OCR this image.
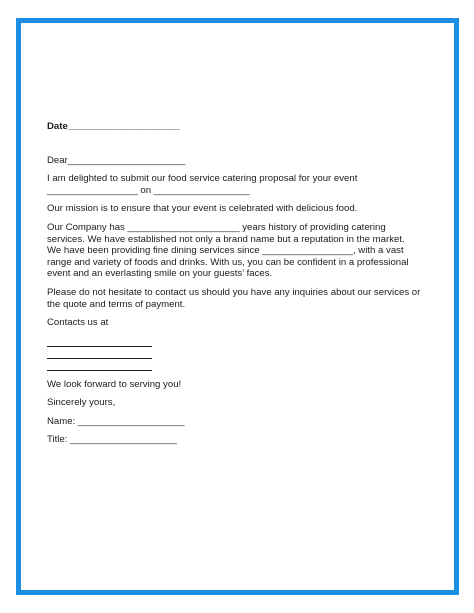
Date_____________________
Dear______________________
I am delighted to submit our food service catering proposal for your event
_________________ on __________________
Our mission is to ensure that your event is celebrated with delicious food.
Our Company has _____________________ years history of providing catering
services. We have established not only a brand name but a reputation in the market.
We have been providing fine dining services since _________________, with a vast
range and variety of foods and drinks. With us, you can be confident in a professional
event and an everlasting smile on your guests’ faces.
Please do not hesitate to contact us should you have any inquiries about our services or
the quote and terms of payment.
Contacts us at
We look forward to serving you!
Sincerely yours,
Name: ____________________
Title: ____________________
